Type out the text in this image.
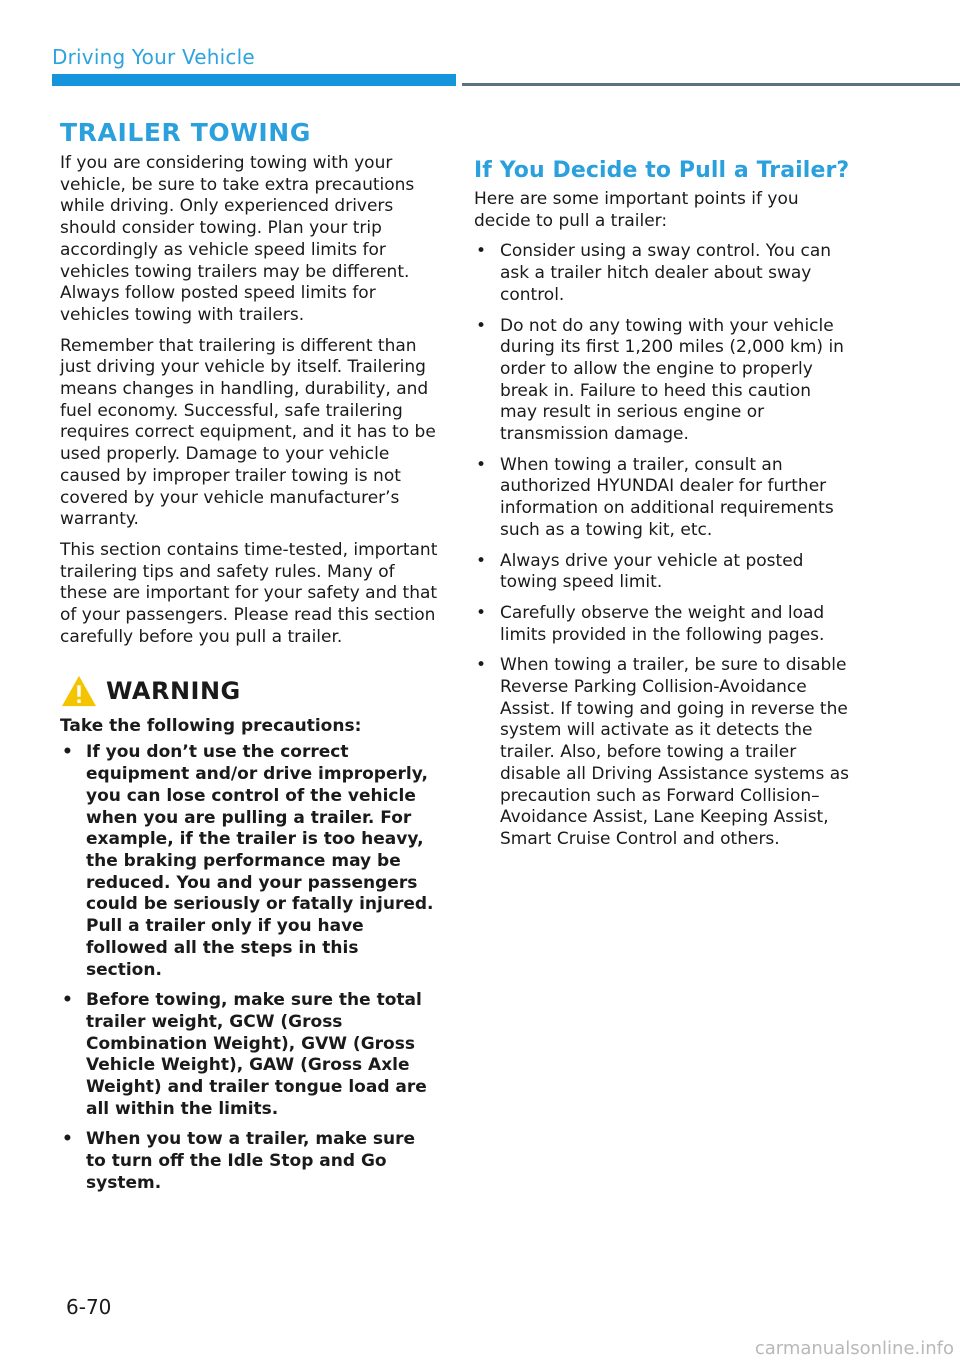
Driving Your Vehicle
TRAILER TOWING

If you are considering towing with your vehicle, be sure to take extra precautions while driving. Only experienced drivers should consider towing. Plan your trip accordingly as vehicle speed limits for vehicles towing trailers may be different. Always follow posted speed limits for vehicles towing with trailers.

Remember that trailering is different than just driving your vehicle by itself. Trailering means changes in handling, durability, and fuel economy. Successful, safe trailering requires correct equipment, and it has to be used properly. Damage to your vehicle caused by improper trailer towing is not covered by your vehicle manufacturer’s warranty.

This section contains time-tested, important trailering tips and safety rules. Many of these are important for your safety and that of your passengers. Please read this section carefully before you pull a trailer.

WARNING
Take the following precautions:
• If you don’t use the correct equipment and/or drive improperly, you can lose control of the vehicle when you are pulling a trailer. For example, if the trailer is too heavy, the braking performance may be reduced. You and your passengers could be seriously or fatally injured. Pull a trailer only if you have followed all the steps in this section.
• Before towing, make sure the total trailer weight, GCW (Gross Combination Weight), GVW (Gross Vehicle Weight), GAW (Gross Axle Weight) and trailer tongue load are all within the limits.
• When you tow a trailer, make sure to turn off the Idle Stop and Go system.
If You Decide to Pull a Trailer?

Here are some important points if you decide to pull a trailer:

• Consider using a sway control. You can ask a trailer hitch dealer about sway control.
• Do not do any towing with your vehicle during its first 1,200 miles (2,000 km) in order to allow the engine to properly break in. Failure to heed this caution may result in serious engine or transmission damage.
• When towing a trailer, consult an authorized HYUNDAI dealer for further information on additional requirements such as a towing kit, etc.
• Always drive your vehicle at posted towing speed limit.
• Carefully observe the weight and load limits provided in the following pages.
• When towing a trailer, be sure to disable Reverse Parking Collision-Avoidance Assist. If towing and going in reverse the system will activate as it detects the trailer. Also, before towing a trailer disable all Driving Assistance systems as precaution such as Forward Collision–Avoidance Assist, Lane Keeping Assist, Smart Cruise Control and others.
6-70
carmanualsonline.info
